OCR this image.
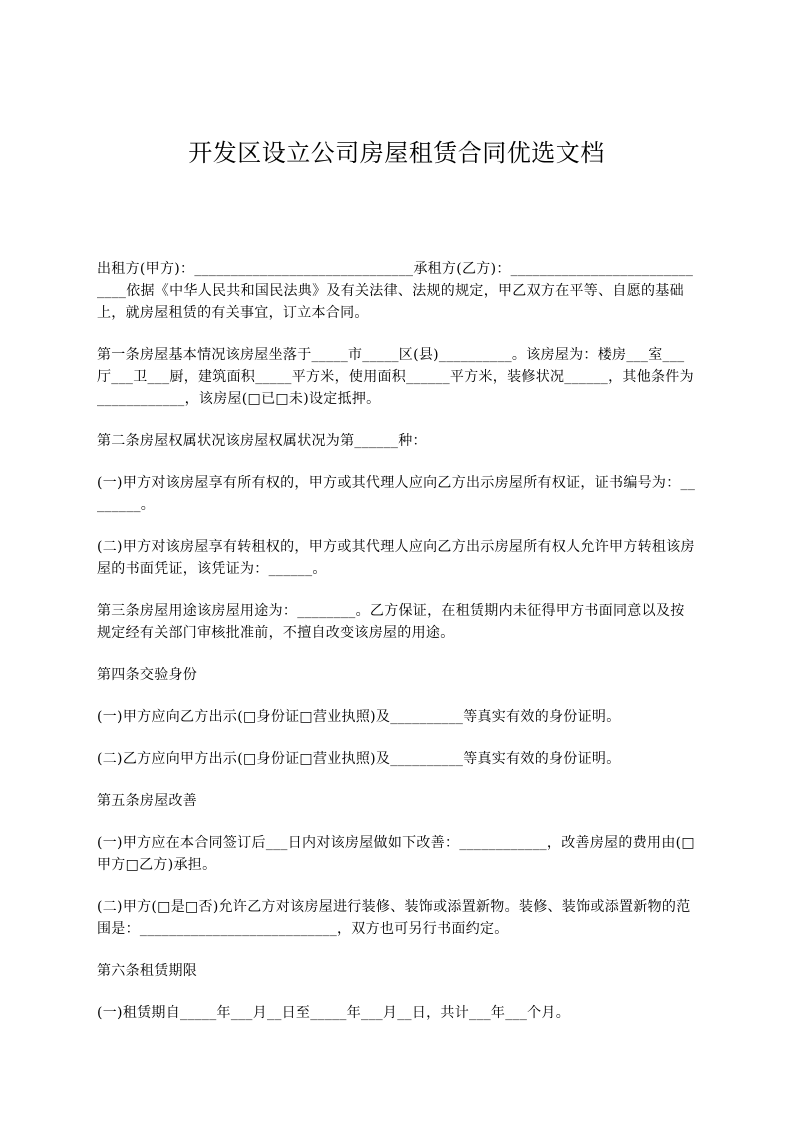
开发区设立公司房屋租赁合同优选文档

出租方(甲方)：______________________________承租方(乙方)：_____________________________依据《中华人民共和国民法典》及有关法律、法规的规定，甲乙双方在平等、自愿的基础上，就房屋租赁的有关事宜，订立本合同。

第一条房屋基本情况该房屋坐落于_____市_____区(县)__________。该房屋为：楼房___室___厅___卫___厨，建筑面积_____平方米，使用面积______平方米，装修状况______，其他条件为____________，该房屋(□已□未)设定抵押。

第二条房屋权属状况该房屋权属状况为第______种：

(一)甲方对该房屋享有所有权的，甲方或其代理人应向乙方出示房屋所有权证，证书编号为：________。

(二)甲方对该房屋享有转租权的，甲方或其代理人应向乙方出示房屋所有权人允许甲方转租该房屋的书面凭证，该凭证为：______。

第三条房屋用途该房屋用途为：________。乙方保证，在租赁期内未征得甲方书面同意以及按规定经有关部门审核批准前，不擅自改变该房屋的用途。

第四条交验身份

(一)甲方应向乙方出示(□身份证□营业执照)及__________等真实有效的身份证明。

(二)乙方应向甲方出示(□身份证□营业执照)及__________等真实有效的身份证明。

第五条房屋改善

(一)甲方应在本合同签订后___日内对该房屋做如下改善：____________，改善房屋的费用由(□甲方□乙方)承担。

(二)甲方(□是□否)允许乙方对该房屋进行装修、装饰或添置新物。装修、装饰或添置新物的范围是：___________________________，双方也可另行书面约定。

第六条租赁期限

(一)租赁期自_____年___月__日至_____年___月__日，共计___年___个月。
